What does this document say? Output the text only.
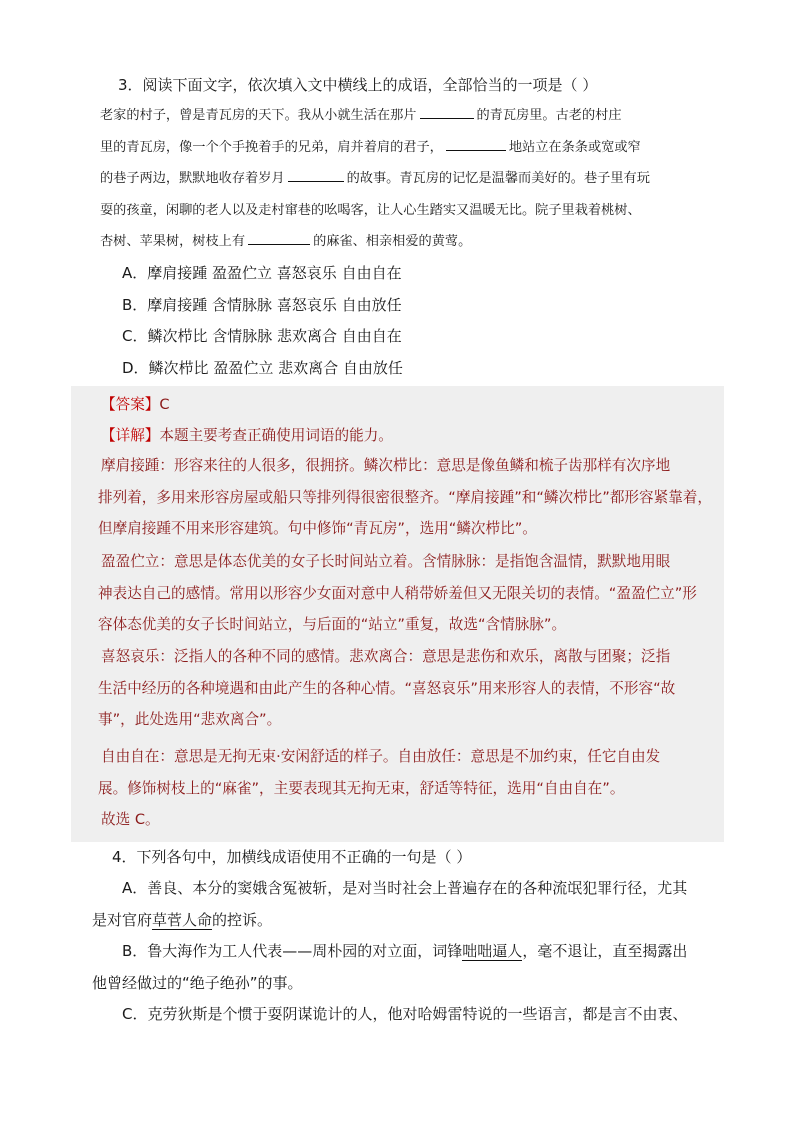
3．阅读下面文字，依次填入文中横线上的成语，全部恰当的一项是（ ）
老家的村子，曾是青瓦房的天下。我从小就生活在那片	的青瓦房里。古老的村庄
里的青瓦房，像一个个手挽着手的兄弟，肩并着肩的君子，	地站立在条条或宽或窄
的巷子两边，默默地收存着岁月	的故事。青瓦房的记忆是温馨而美好的。巷子里有玩
耍的孩童，闲聊的老人以及走村窜巷的吆喝客，让人心生踏实又温暖无比。院子里栽着桃树、
杏树、苹果树，树枝上有	的麻雀、相亲相爱的黄莺。
A．摩肩接踵 盈盈伫立 喜怒哀乐 自由自在
B．摩肩接踵 含情脉脉 喜怒哀乐 自由放任
C．鳞次栉比 含情脉脉 悲欢离合 自由自在
D．鳞次栉比 盈盈伫立 悲欢离合 自由放任
【答案】C
【详解】本题主要考查正确使用词语的能力。
摩肩接踵：形容来往的人很多，很拥挤。鳞次栉比：意思是像鱼鳞和梳子齿那样有次序地
排列着，多用来形容房屋或船只等排列得很密很整齐。“摩肩接踵”和“鳞次栉比”都形容紧靠着，
但摩肩接踵不用来形容建筑。句中修饰“青瓦房”，选用“鳞次栉比”。
盈盈伫立：意思是体态优美的女子长时间站立着。含情脉脉：是指饱含温情，默默地用眼
神表达自己的感情。常用以形容少女面对意中人稍带娇羞但又无限关切的表情。“盈盈伫立”形
容体态优美的女子长时间站立，与后面的“站立”重复，故选“含情脉脉”。
喜怒哀乐：泛指人的各种不同的感情。悲欢离合：意思是悲伤和欢乐，离散与团聚；泛指
生活中经历的各种境遇和由此产生的各种心情。“喜怒哀乐”用来形容人的表情，不形容“故
事”，此处选用“悲欢离合”。
自由自在：意思是无拘无束·安闲舒适的样子。自由放任：意思是不加约束，任它自由发
展。修饰树枝上的“麻雀”，主要表现其无拘无束，舒适等特征，选用“自由自在”。
故选 C。
4．下列各句中，加横线成语使用不正确的一句是（ ）
A．善良、本分的窦娥含冤被斩，是对当时社会上普遍存在的各种流氓犯罪行径，尤其
是对官府草菅人命的控诉。
B．鲁大海作为工人代表——周朴园的对立面，词锋咄咄逼人，毫不退让，直至揭露出
他曾经做过的“绝子绝孙”的事。
C．克劳狄斯是个惯于耍阴谋诡计的人，他对哈姆雷特说的一些语言，都是言不由衷、
